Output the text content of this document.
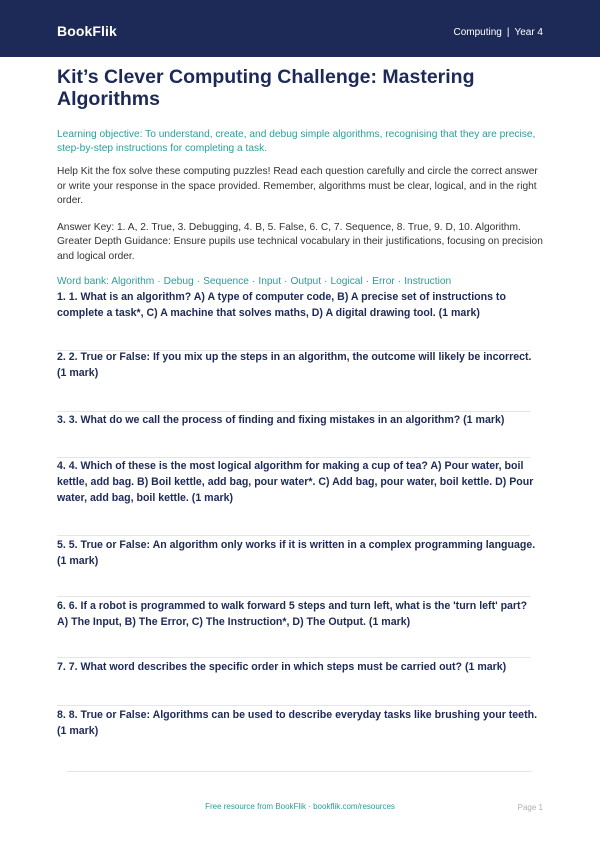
BookFlik	Computing | Year 4
Kit’s Clever Computing Challenge: Mastering Algorithms
Learning objective: To understand, create, and debug simple algorithms, recognising that they are precise, step-by-step instructions for completing a task.
Help Kit the fox solve these computing puzzles! Read each question carefully and circle the correct answer or write your response in the space provided. Remember, algorithms must be clear, logical, and in the right order.
Answer Key: 1. A, 2. True, 3. Debugging, 4. B, 5. False, 6. C, 7. Sequence, 8. True, 9. D, 10. Algorithm. Greater Depth Guidance: Ensure pupils use technical vocabulary in their justifications, focusing on precision and logical order.
Word bank: Algorithm · Debug · Sequence · Input · Output · Logical · Error · Instruction
1. 1. What is an algorithm? A) A type of computer code, B) A precise set of instructions to complete a task*, C) A machine that solves maths, D) A digital drawing tool. (1 mark)
2. 2. True or False: If you mix up the steps in an algorithm, the outcome will likely be incorrect. (1 mark)
3. 3. What do we call the process of finding and fixing mistakes in an algorithm? (1 mark)
4. 4. Which of these is the most logical algorithm for making a cup of tea? A) Pour water, boil kettle, add bag. B) Boil kettle, add bag, pour water*. C) Add bag, pour water, boil kettle. D) Pour water, add bag, boil kettle. (1 mark)
5. 5. True or False: An algorithm only works if it is written in a complex programming language. (1 mark)
6. 6. If a robot is programmed to walk forward 5 steps and turn left, what is the 'turn left' part? A) The Input, B) The Error, C) The Instruction*, D) The Output. (1 mark)
7. 7. What word describes the specific order in which steps must be carried out? (1 mark)
8. 8. True or False: Algorithms can be used to describe everyday tasks like brushing your teeth. (1 mark)
Free resource from BookFlik · bookflik.com/resources	Page 1
